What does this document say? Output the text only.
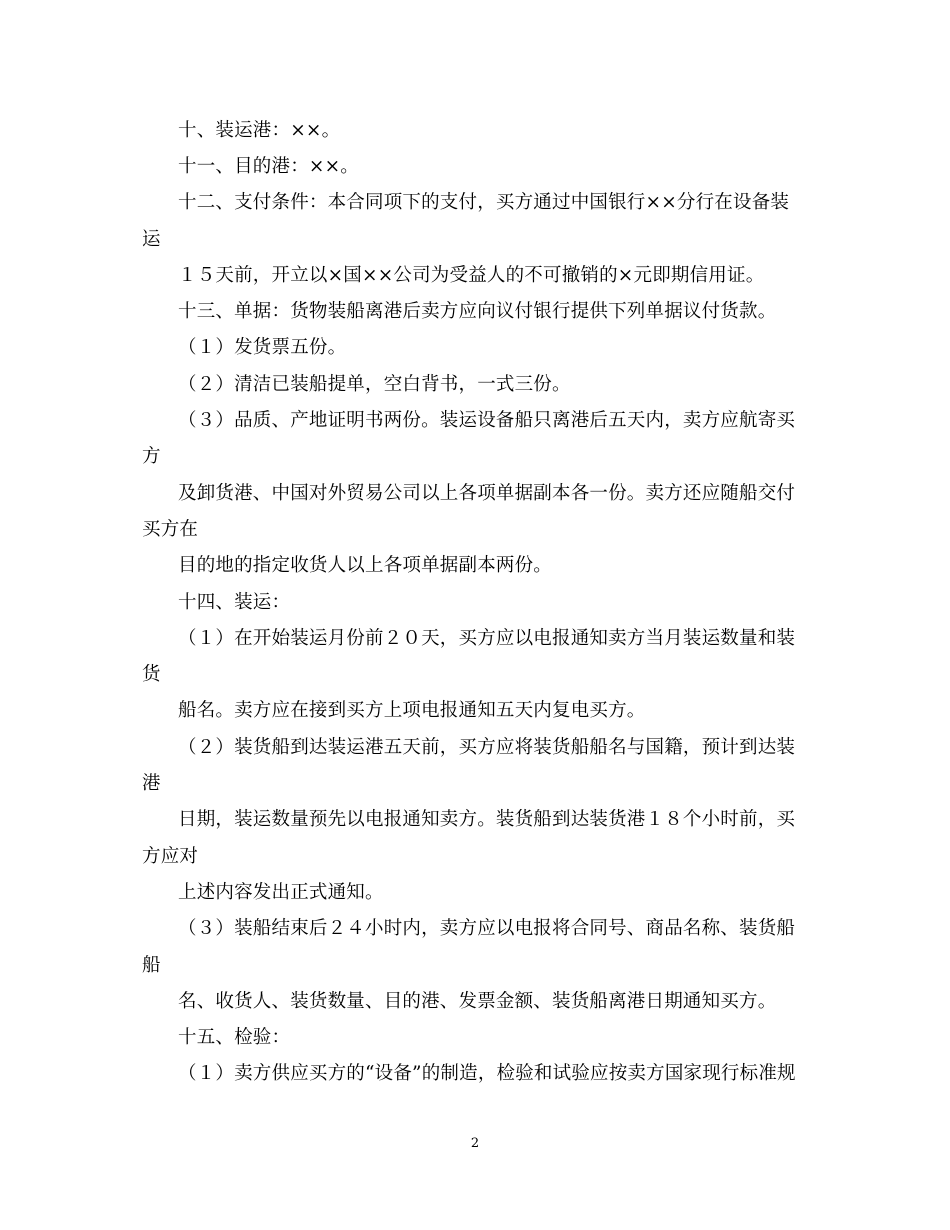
十、装运港：××。
十一、目的港：××。
十二、支付条件：本合同项下的支付，买方通过中国银行××分行在设备装
运
１５天前，开立以×国××公司为受益人的不可撤销的×元即期信用证。
十三、单据：货物装船离港后卖方应向议付银行提供下列单据议付货款。
（１）发货票五份。
（２）清洁已装船提单，空白背书，一式三份。
（３）品质、产地证明书两份。装运设备船只离港后五天内，卖方应航寄买
方
及卸货港、中国对外贸易公司以上各项单据副本各一份。卖方还应随船交付
买方在
目的地的指定收货人以上各项单据副本两份。
十四、装运：
（１）在开始装运月份前２０天，买方应以电报通知卖方当月装运数量和装
货
船名。卖方应在接到买方上项电报通知五天内复电买方。
（２）装货船到达装运港五天前，买方应将装货船船名与国籍，预计到达装
港
日期，装运数量预先以电报通知卖方。装货船到达装货港１８个小时前，买
方应对
上述内容发出正式通知。
（３）装船结束后２４小时内，卖方应以电报将合同号、商品名称、装货船
船
名、收货人、装货数量、目的港、发票金额、装货船离港日期通知买方。
十五、检验：
（１）卖方供应买方的“设备”的制造，检验和试验应按卖方国家现行标准规
2
